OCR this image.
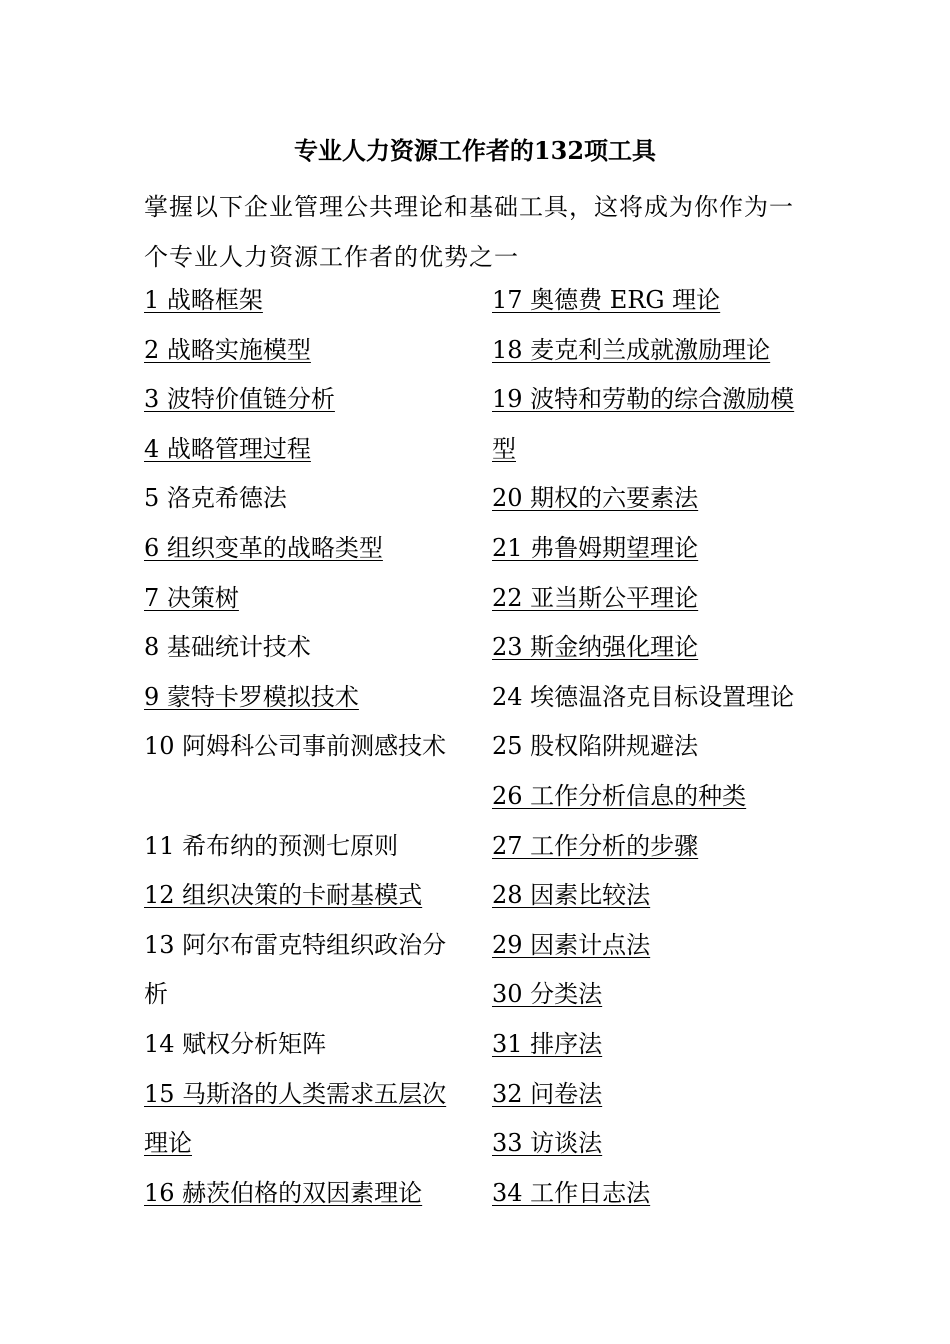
专业人力资源工作者的132项工具
掌握以下企业管理公共理论和基础工具，这将成为你作为一个专业人力资源工作者的优势之一
1 战略框架
2 战略实施模型
3 波特价值链分析
4 战略管理过程
5 洛克希德法
6 组织变革的战略类型
7 决策树
8 基础统计技术
9 蒙特卡罗模拟技术
10 阿姆科公司事前测感技术
11 希布纳的预测七原则
12 组织决策的卡耐基模式
13 阿尔布雷克特组织政治分析
14 赋权分析矩阵
15 马斯洛的人类需求五层次理论
16 赫茨伯格的双因素理论
17 奥德费 ERG 理论
18 麦克利兰成就激励理论
19 波特和劳勒的综合激励模型
20 期权的六要素法
21 弗鲁姆期望理论
22 亚当斯公平理论
23 斯金纳强化理论
24 埃德温洛克目标设置理论
25 股权陷阱规避法
26 工作分析信息的种类
27 工作分析的步骤
28 因素比较法
29 因素计点法
30 分类法
31 排序法
32 问卷法
33 访谈法
34 工作日志法
